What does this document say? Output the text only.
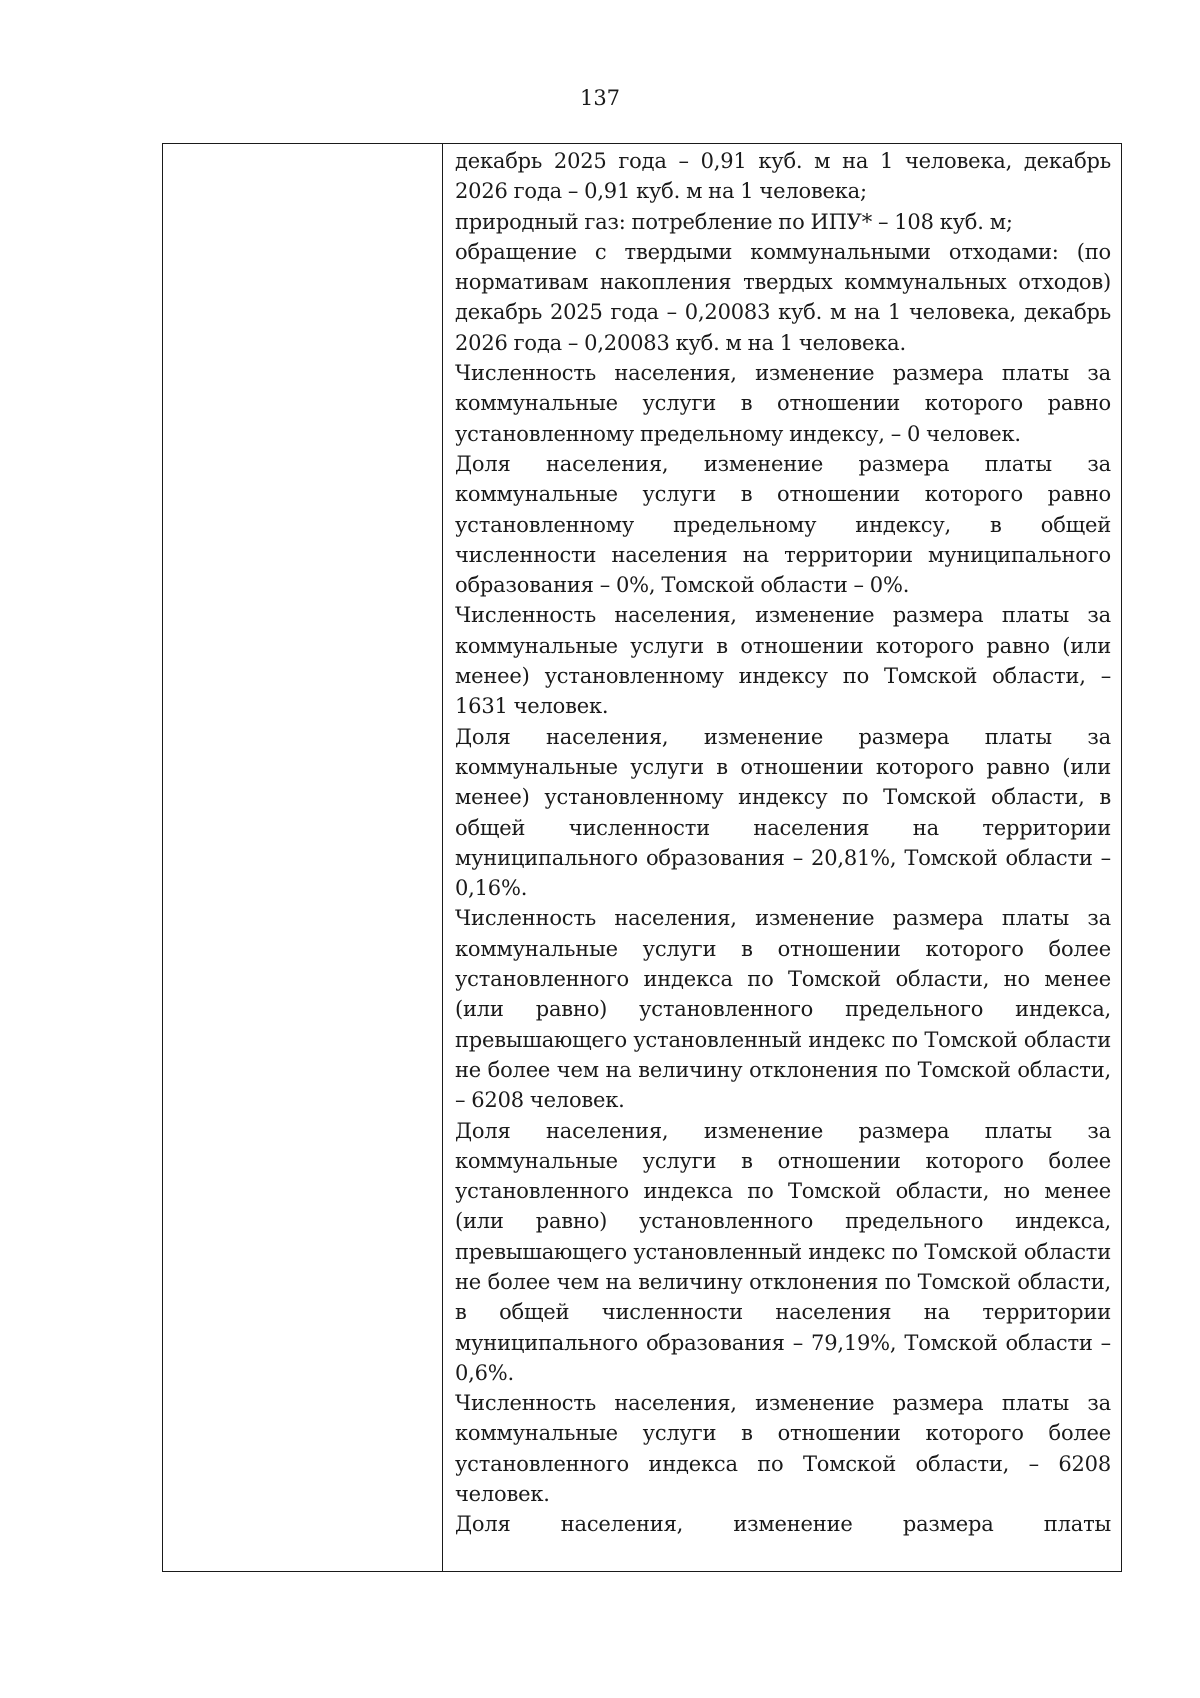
137

декабрь 2025 года – 0,91 куб. м на 1 человека, декабрь 2026 года – 0,91 куб. м на 1 человека;

природный газ: потребление по ИПУ* – 108 куб. м;

обращение с твердыми коммунальными отходами: (по нормативам накопления твердых коммунальных отходов) декабрь 2025 года – 0,20083 куб. м на 1 человека, декабрь 2026 года – 0,20083 куб. м на 1 человека.

Численность населения, изменение размера платы за коммунальные услуги в отношении которого равно установленному предельному индексу, – 0 человек.

Доля населения, изменение размера платы за коммунальные услуги в отношении которого равно установленному предельному индексу, в общей численности населения на территории муниципального образования – 0%, Томской области – 0%.

Численность населения, изменение размера платы за коммунальные услуги в отношении которого равно (или менее) установленному индексу по Томской области, – 1631 человек.

Доля населения, изменение размера платы за коммунальные услуги в отношении которого равно (или менее) установленному индексу по Томской области, в общей численности населения на территории муниципального образования – 20,81%, Томской области – 0,16%.

Численность населения, изменение размера платы за коммунальные услуги в отношении которого более установленного индекса по Томской области, но менее (или равно) установленного предельного индекса, превышающего установленный индекс по Томской области не более чем на величину отклонения по Томской области, – 6208 человек.

Доля населения, изменение размера платы за коммунальные услуги в отношении которого более установленного индекса по Томской области, но менее (или равно) установленного предельного индекса, превышающего установленный индекс по Томской области не более чем на величину отклонения по Томской области, в общей численности населения на территории муниципального образования – 79,19%, Томской области – 0,6%.

Численность населения, изменение размера платы за коммунальные услуги в отношении которого более установленного индекса по Томской области, – 6208 человек.

Доля населения, изменение размера платы
